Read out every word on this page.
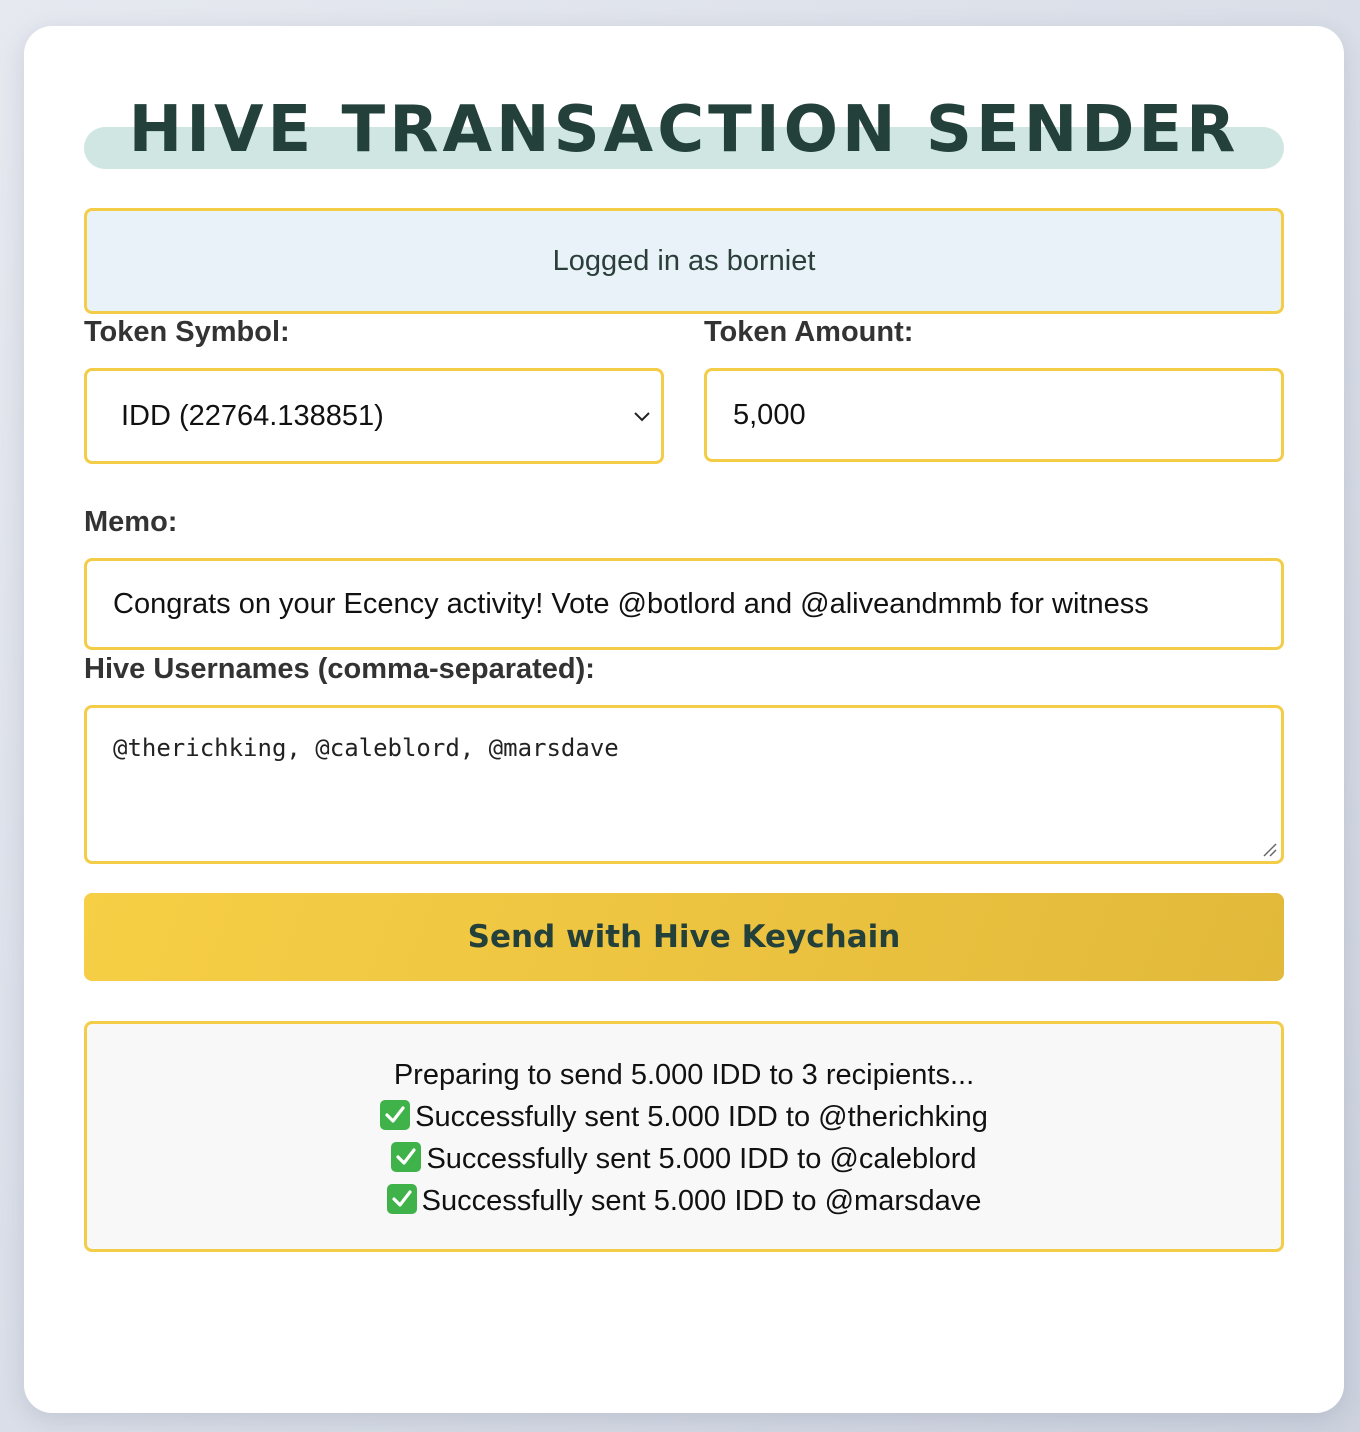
HIVE TRANSACTION SENDER
Logged in as borniet
Token Symbol:	Token Amount:
IDD (22764.138851)	5,000
Memo:
Congrats on your Ecency activity! Vote @botlord and @aliveandmmb for witness
Hive Usernames (comma-separated):
@therichking, @caleblord, @marsdave
Send with Hive Keychain
Preparing to send 5.000 IDD to 3 recipients...
Successfully sent 5.000 IDD to @therichking
Successfully sent 5.000 IDD to @caleblord
Successfully sent 5.000 IDD to @marsdave
